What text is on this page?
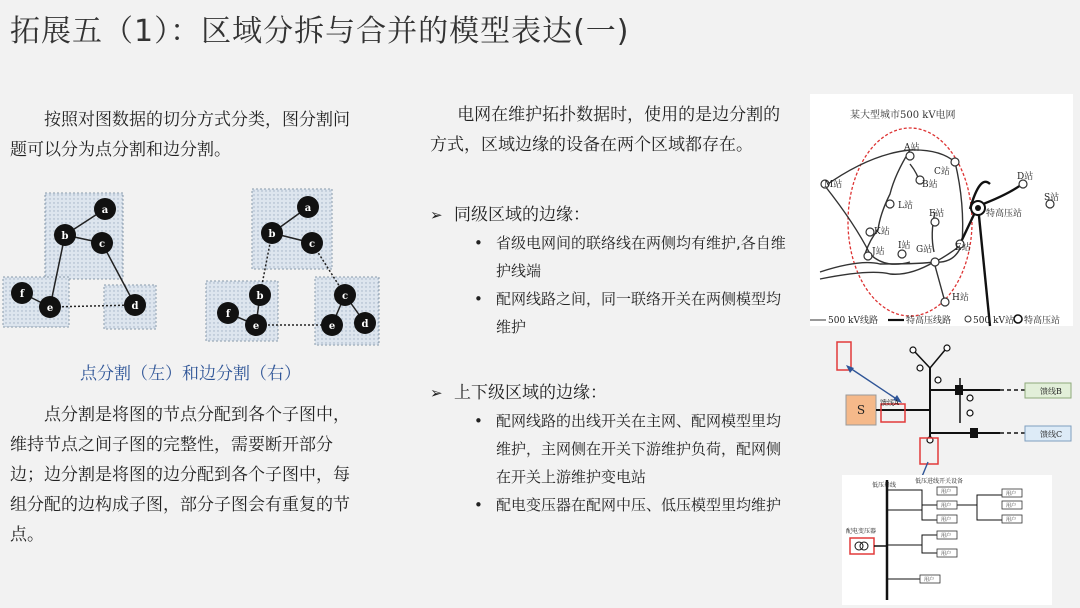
拓展五（1）：区域分拆与合并的模型表达(一)
按照对图数据的切分方式分类，图分割问题可以分为点分割和边分割。
a
b
c
f
e	d
a
b
c
b
f
e
c
e	d
点分割（左）和边分割（右）
点分割是将图的节点分配到各个子图中，维持节点之间子图的完整性，需要断开部分边；边分割是将图的边分配到各个子图中，每组分配的边构成子图，部分子图会有重复的节点。
电网在维护拓扑数据时，使用的是边分割的方式，区域边缘的设备在两个区域都存在。
➢ 同级区域的边缘：
• 省级电网间的联络线在两侧均有维护,各自维护线端
• 配网线路之间，同一联络开关在两侧模型均维护
➢ 上下级区域的边缘：
• 配网线路的出线开关在主网、配网模型里均维护，主网侧在开关下游维护负荷，配网侧在开关上游维护变电站
• 配电变压器在配网中压、低压模型里均维护
某大型城市500 kV电网
A站
B站
C站	D站
S站
M站
L站
F站
K站
J站
I站 G站	E站
H站
特高压站
500 kV线路	特高压线路 500 kV站 特高压站
S 馈线A
馈线B
馈线C
低压母线
配电变压器
低压进线开关设备
用户
用户
用户
用户
用户
用户
用户
用户
用户
